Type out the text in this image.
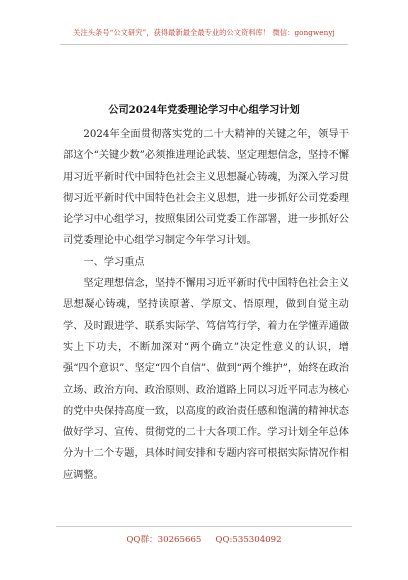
关注头条号“公文研究”，获得最新最全最专业的公文资料库！ 微信：gongwenyj
公司2024年党委理论学习中心组学习计划

2024年全面贯彻落实党的二十大精神的关键之年，领导干部这个“关键少数”必须推进理论武装、坚定理想信念，坚持不懈用习近平新时代中国特色社会主义思想凝心铸魂，为深入学习贯彻习近平新时代中国特色社会主义思想，进一步抓好公司党委理论学习中心组学习，按照集团公司党委工作部署，进一步抓好公司党委理论中心组学习制定今年学习计划。

一、学习重点

坚定理想信念，坚持不懈用习近平新时代中国特色社会主义思想凝心铸魂，坚持读原著、学原文、悟原理，做到自觉主动学、及时跟进学、联系实际学、笃信笃行学，着力在学懂弄通做实上下功夫，不断加深对“两个确立”决定性意义的认识，增强“四个意识”、坚定“四个自信”、做到“两个维护”，始终在政治立场、政治方向、政治原则、政治道路上同以习近平同志为核心的党中央保持高度一致，以高度的政治责任感和饱满的精神状态做好学习、宣传、贯彻党的二十大各项工作。学习计划全年总体分为十二个专题，具体时间安排和专题内容可根据实际情况作相应调整。

QQ群：30265665 QQ:535304092
